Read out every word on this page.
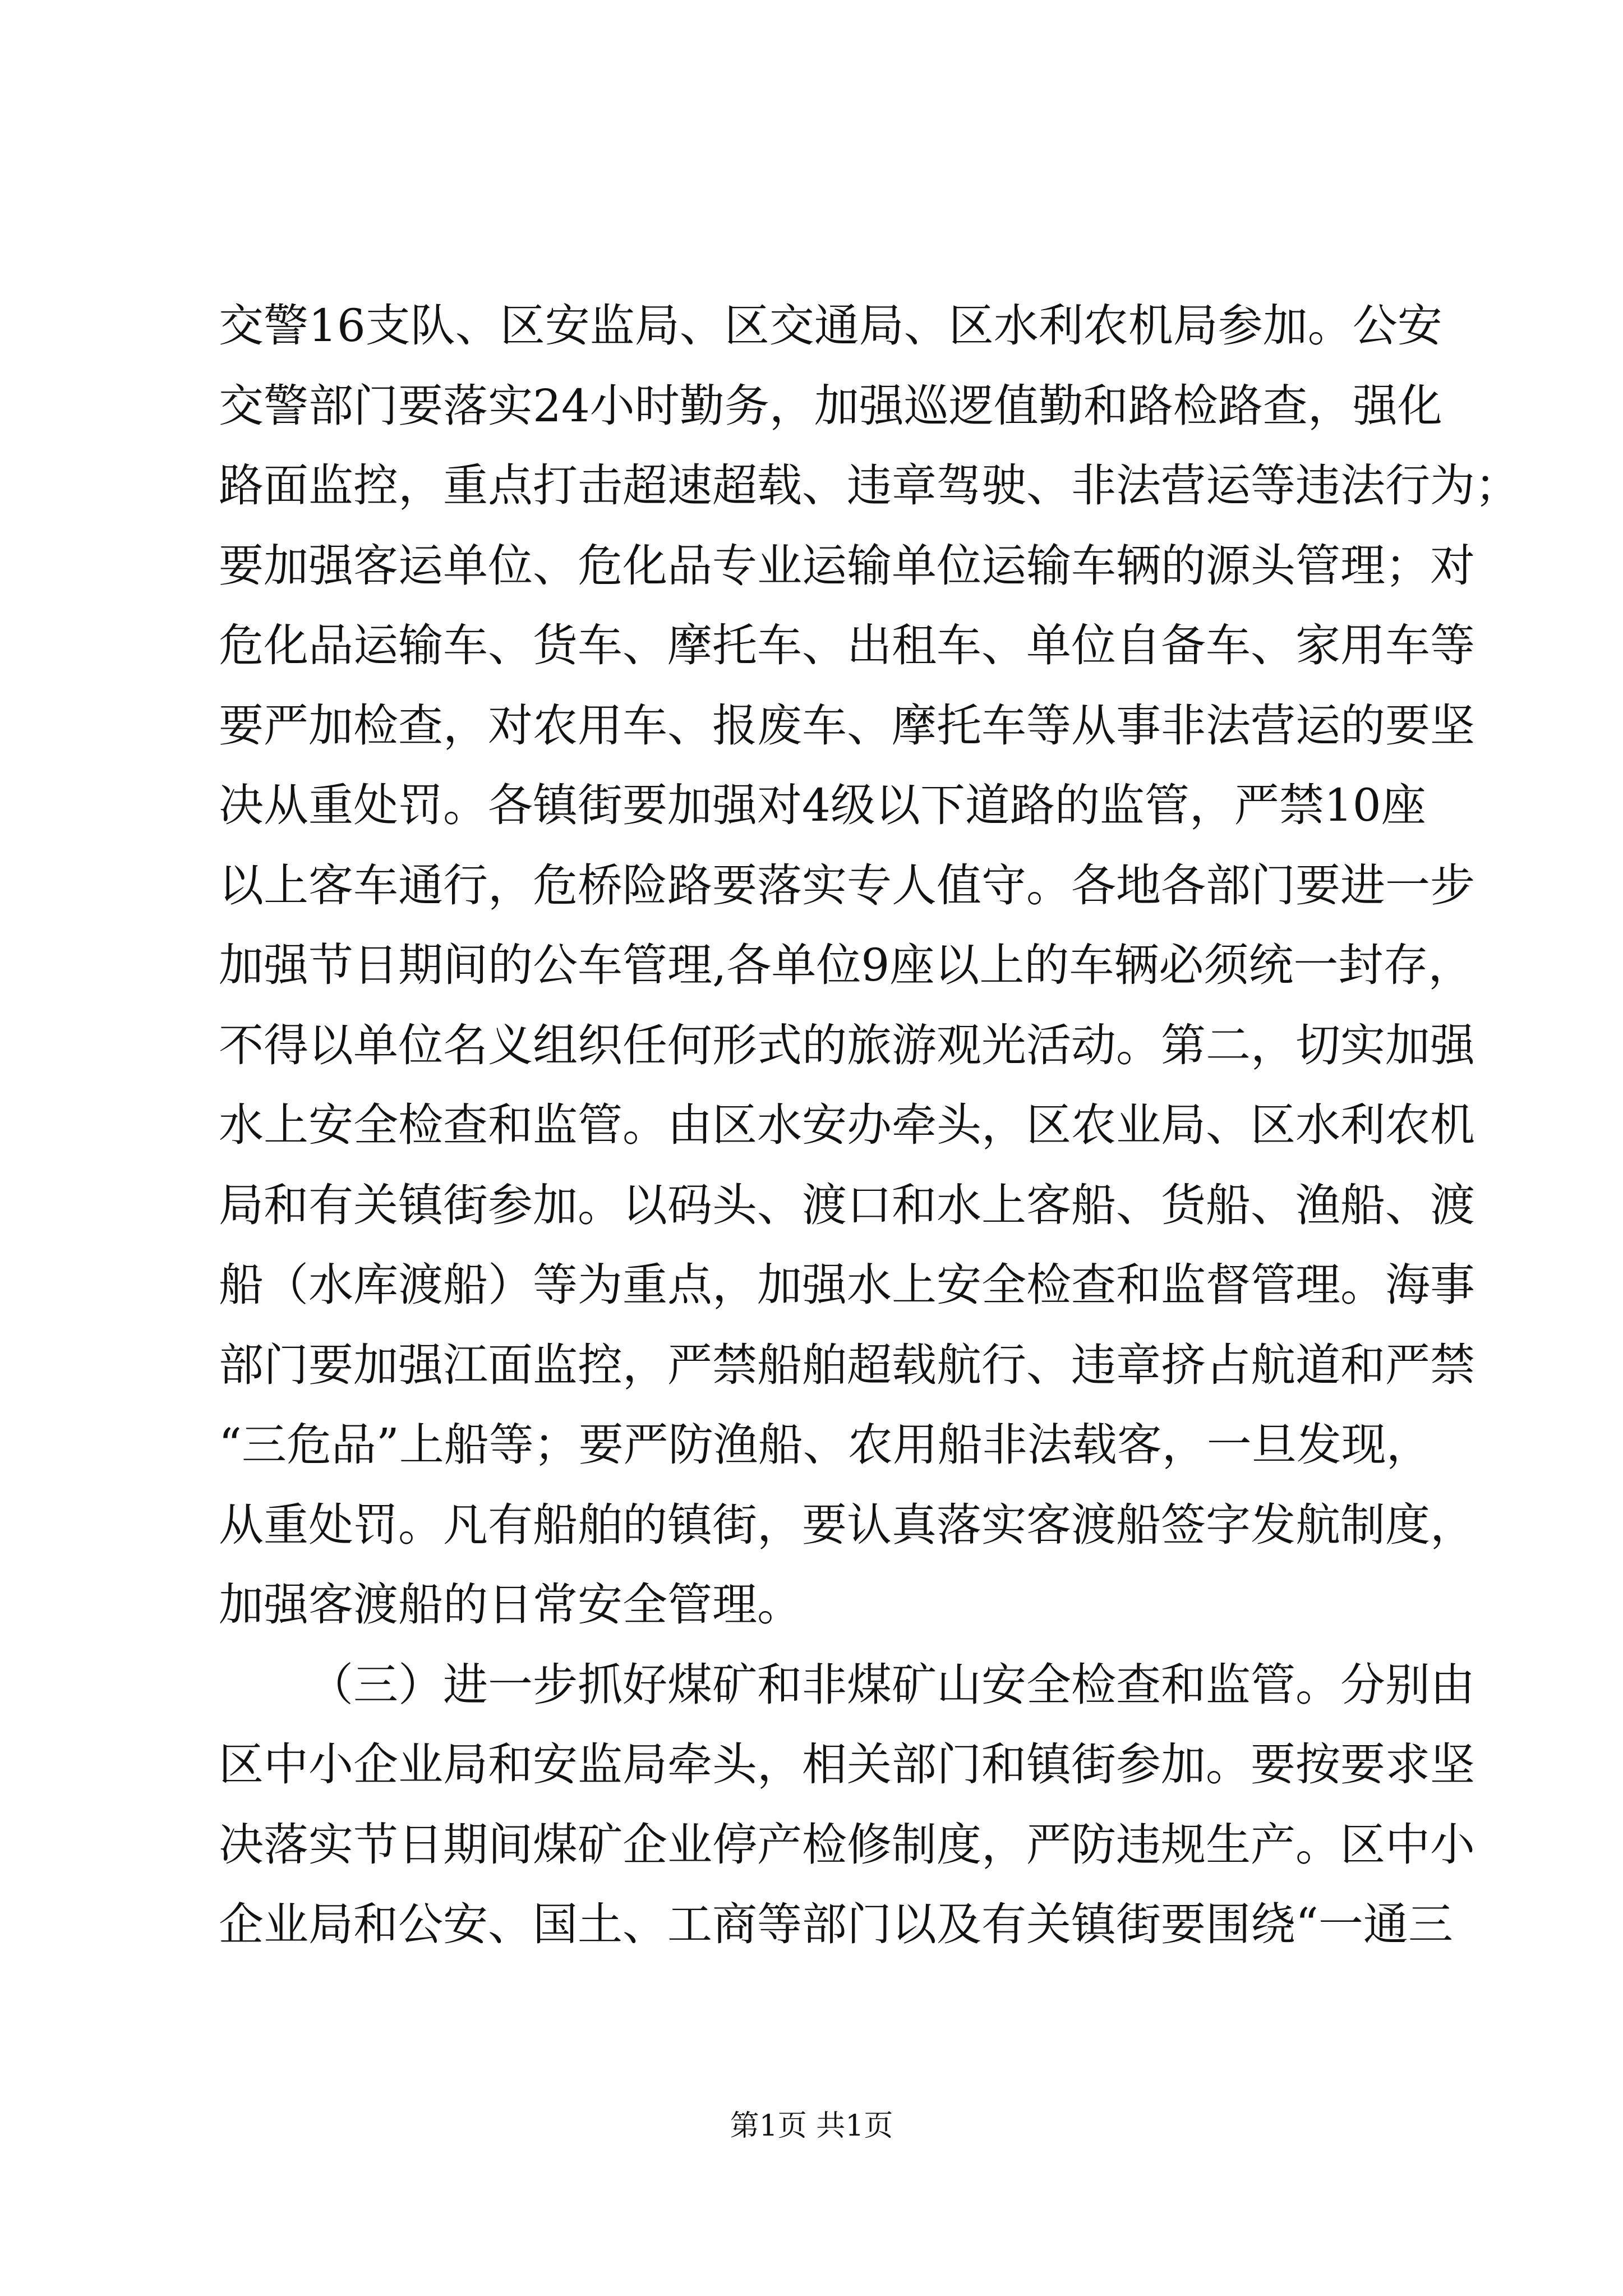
交警16支队、区安监局、区交通局、区水利农机局参加。公安
交警部门要落实24小时勤务，加强巡逻值勤和路检路查，强化
路面监控，重点打击超速超载、违章驾驶、非法营运等违法行为；
要加强客运单位、危化品专业运输单位运输车辆的源头管理；对
危化品运输车、货车、摩托车、出租车、单位自备车、家用车等
要严加检查，对农用车、报废车、摩托车等从事非法营运的要坚
决从重处罚。各镇街要加强对4级以下道路的监管，严禁10座
以上客车通行，危桥险路要落实专人值守。各地各部门要进一步
加强节日期间的公车管理,各单位9座以上的车辆必须统一封存，
不得以单位名义组织任何形式的旅游观光活动。第二，切实加强
水上安全检查和监管。由区水安办牵头，区农业局、区水利农机
局和有关镇街参加。以码头、渡口和水上客船、货船、渔船、渡
船（水库渡船）等为重点，加强水上安全检查和监督管理。海事
部门要加强江面监控，严禁船舶超载航行、违章挤占航道和严禁
“三危品”上船等；要严防渔船、农用船非法载客，一旦发现，
从重处罚。凡有船舶的镇街，要认真落实客渡船签字发航制度，
加强客渡船的日常安全管理。
（三）进一步抓好煤矿和非煤矿山安全检查和监管。分别由
区中小企业局和安监局牵头，相关部门和镇街参加。要按要求坚
决落实节日期间煤矿企业停产检修制度，严防违规生产。区中小
企业局和公安、国土、工商等部门以及有关镇街要围绕“一通三
第1页 共1页
